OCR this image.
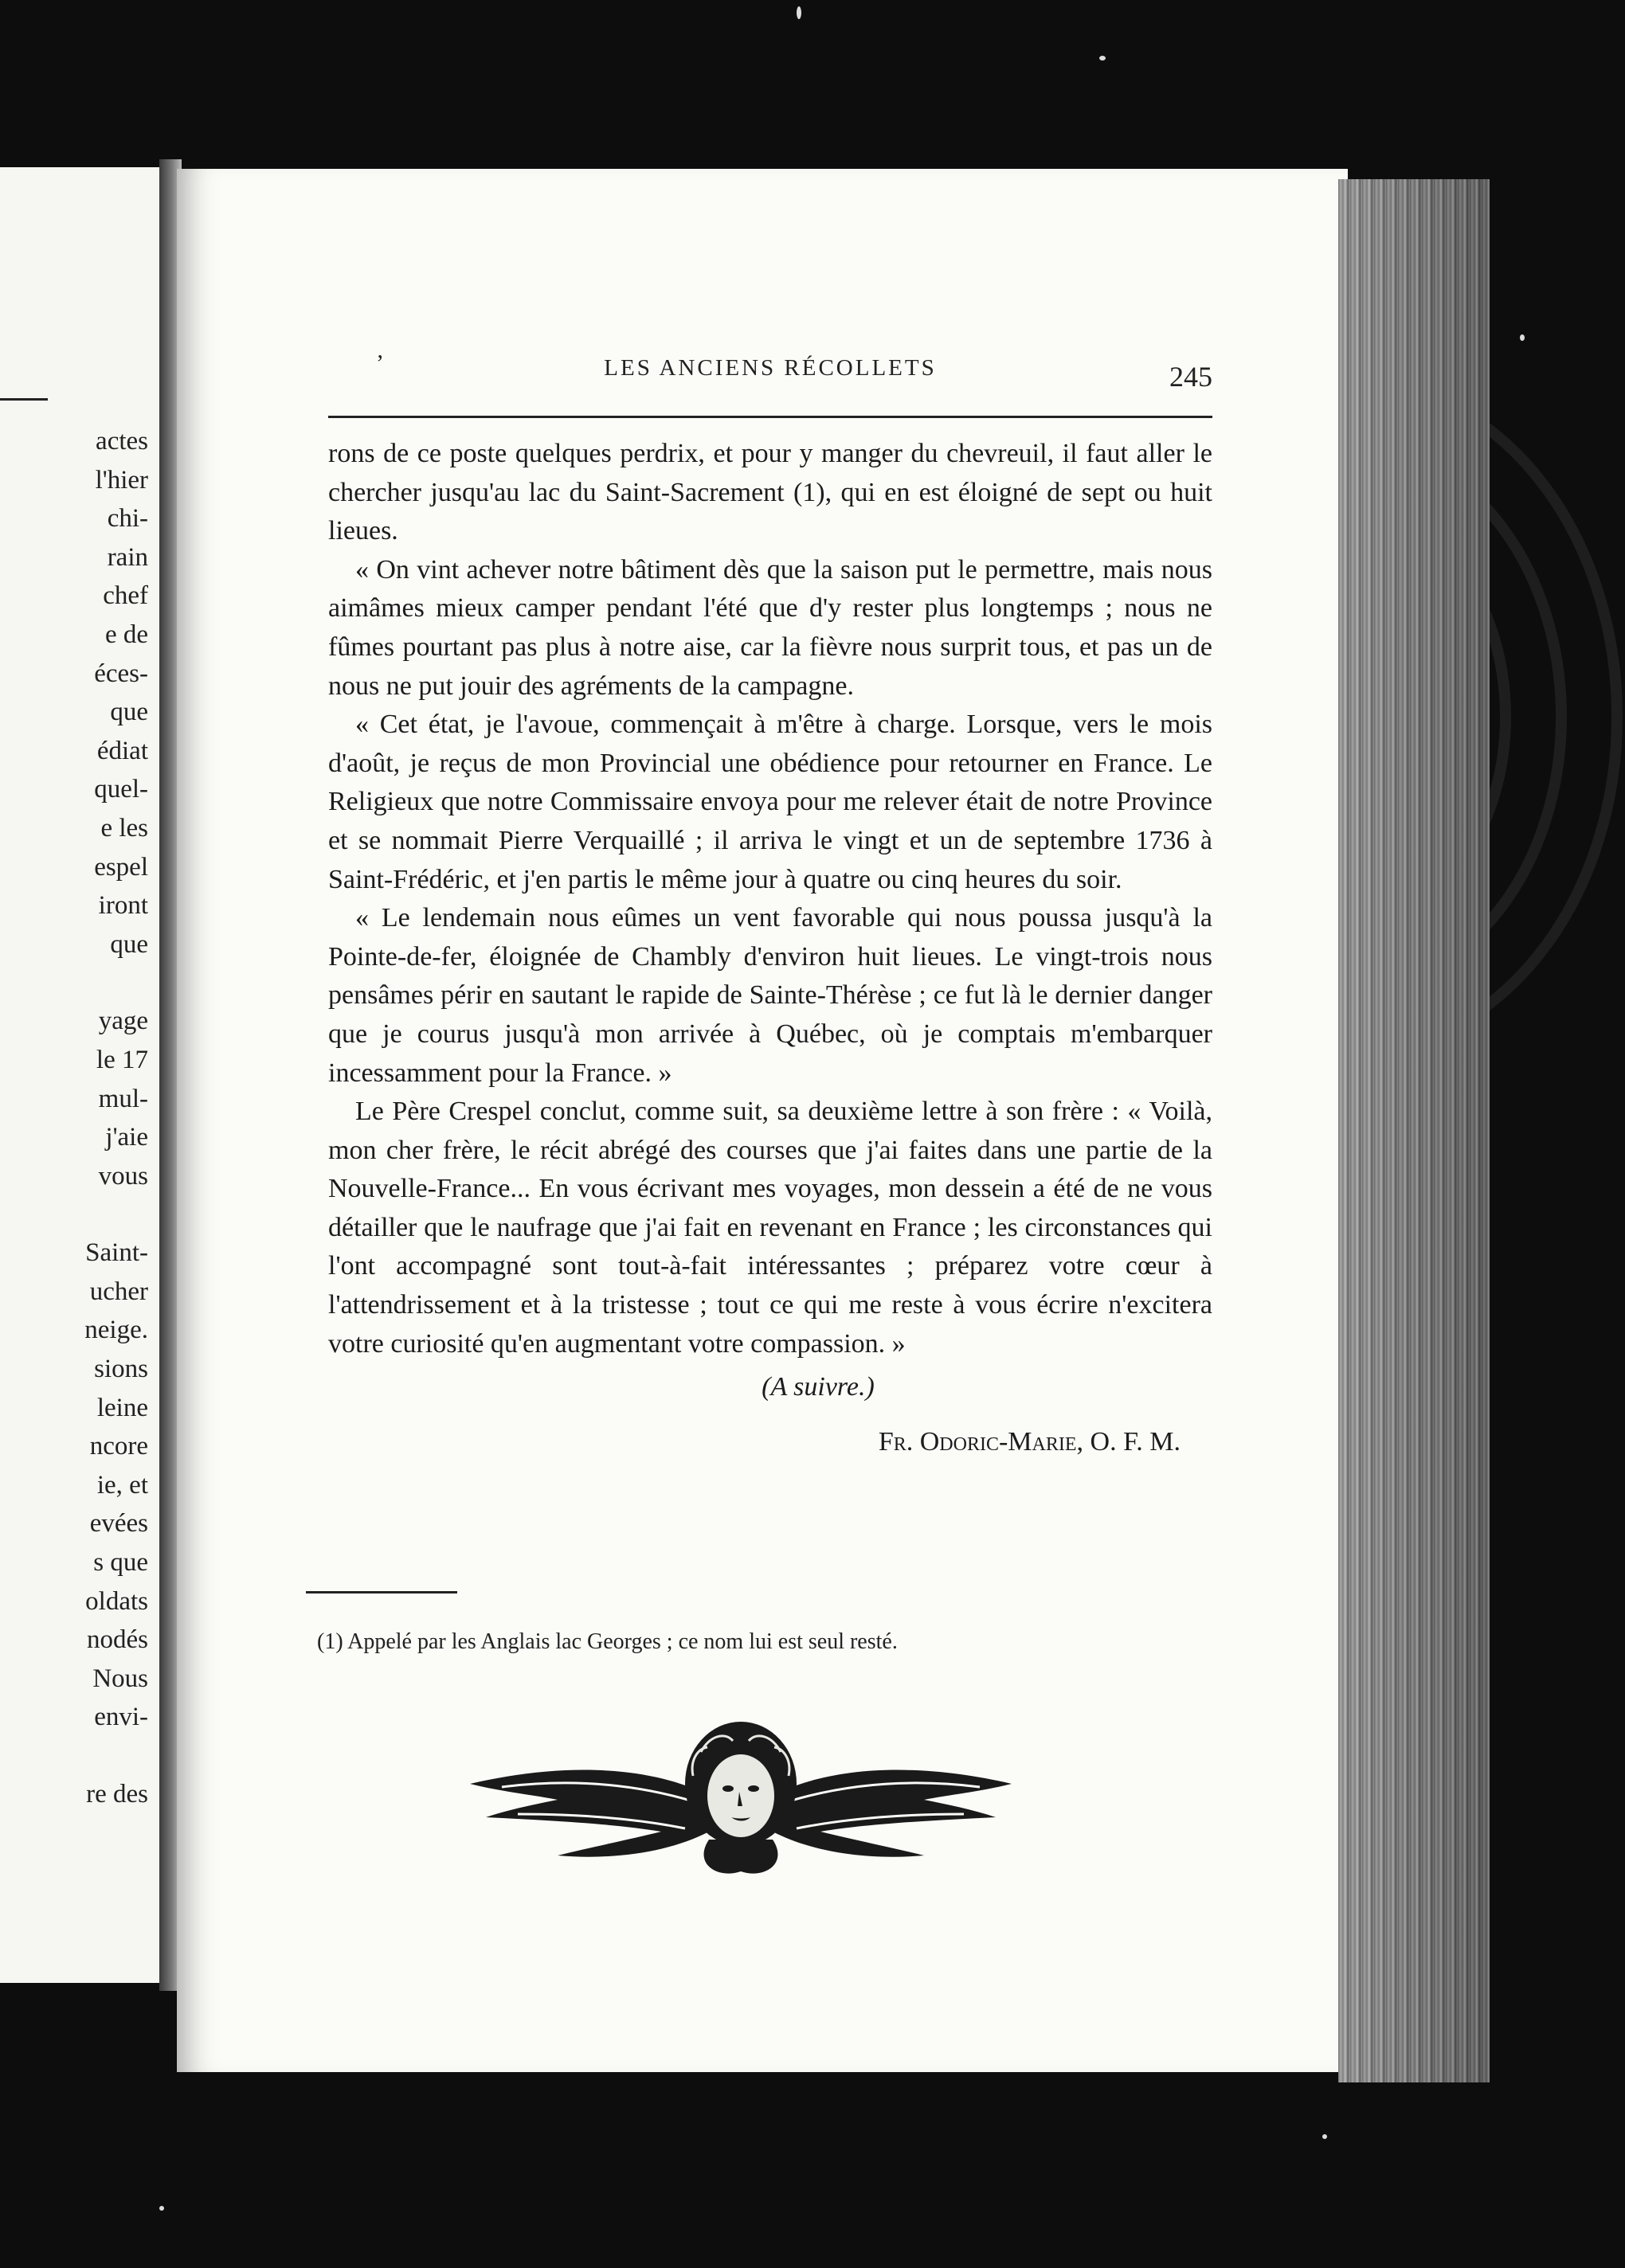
actes
l'hier
chi-
rain
chef
e de
éces-
que
édiat
quel-
e les
espel
iront
que
yage
le 17
mul-
j'aie
vous
Saint-
ucher
neige.
sions
leine
ncore
ie, et
evées
s que
oldats
nodés
Nous
envi-
re des
ʼ	LES ANCIENS RÉCOLLETS	245

rons de ce poste quelques perdrix, et pour y manger du chevreuil, il faut aller le chercher jusqu'au lac du Saint-Sacrement (1), qui en est éloigné de sept ou huit lieues.

« On vint achever notre bâtiment dès que la saison put le permettre, mais nous aimâmes mieux camper pendant l'été que d'y rester plus longtemps ; nous ne fûmes pourtant pas plus à notre aise, car la fièvre nous surprit tous, et pas un de nous ne put jouir des agréments de la campagne.

« Cet état, je l'avoue, commençait à m'être à charge. Lorsque, vers le mois d'août, je reçus de mon Provincial une obédience pour retourner en France. Le Religieux que notre Commissaire envoya pour me relever était de notre Province et se nommait Pierre Verquaillé ; il arriva le vingt et un de septembre 1736 à Saint-Frédéric, et j'en partis le même jour à quatre ou cinq heures du soir.

« Le lendemain nous eûmes un vent favorable qui nous poussa jusqu'à la Pointe-de-fer, éloignée de Chambly d'environ huit lieues. Le vingt-trois nous pensâmes périr en sautant le rapide de Sainte-Thérèse ; ce fut là le dernier danger que je courus jusqu'à mon arrivée à Québec, où je comptais m'embarquer incessamment pour la France. »

Le Père Crespel conclut, comme suit, sa deuxième lettre à son frère : « Voilà, mon cher frère, le récit abrégé des courses que j'ai faites dans une partie de la Nouvelle-France... En vous écrivant mes voyages, mon dessein a été de ne vous détailler que le naufrage que j'ai fait en revenant en France ; les circonstances qui l'ont accompagné sont tout-à-fait intéressantes ; préparez votre cœur à l'attendrissement et à la tristesse ; tout ce qui me reste à vous écrire n'excitera votre curiosité qu'en augmentant votre compassion. »

(A suivre.)
Fr. Odoric-Marie, O. F. M.
(1) Appelé par les Anglais lac Georges ; ce nom lui est seul resté.
